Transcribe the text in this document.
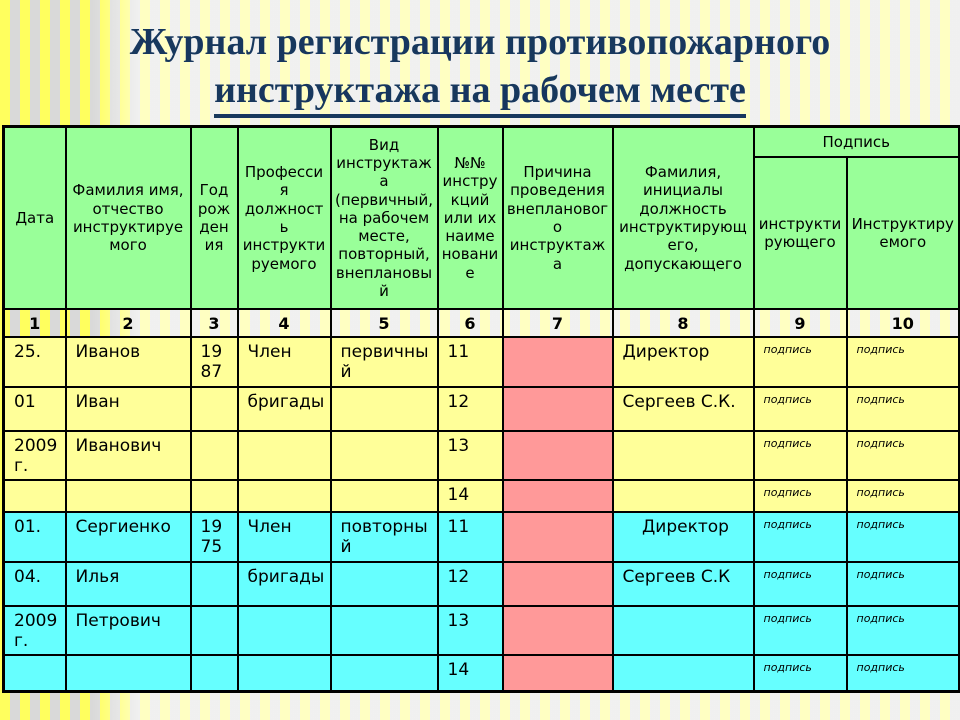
Журнал регистрации противопожарного
инструктажа на рабочем месте
Дата	Фамилия имя, отчество инструктируемого	Год рождения	Профессия должность инструктируемого	Вид инструктажа (первичный, на рабочем месте, повторный, внеплановый	№№ инструкций или их наименование	Причина проведения внепланового инструктажа	Фамилия, инициалы должность инструктирующего, допускающего	Подпись	
								инструктирующего	Инструктируемого
1	2	3	4	5	6	7	8	9	10
25.	Иванов	1987	Член	первичный	11		Директор	подпись	подпись
01	Иван		бригады		12		Сергеев С.К.	подпись	подпись
2009 г.	Иванович				13			подпись	подпись
					14			подпись	подпись
01.	Сергиенко	1975	Член	повторный	11		Директор	подпись	подпись
04.	Илья		бригады		12		Сергеев С.К	подпись	подпись
2009 г.	Петрович				13			подпись	подпись
					14			подпись	подпись
